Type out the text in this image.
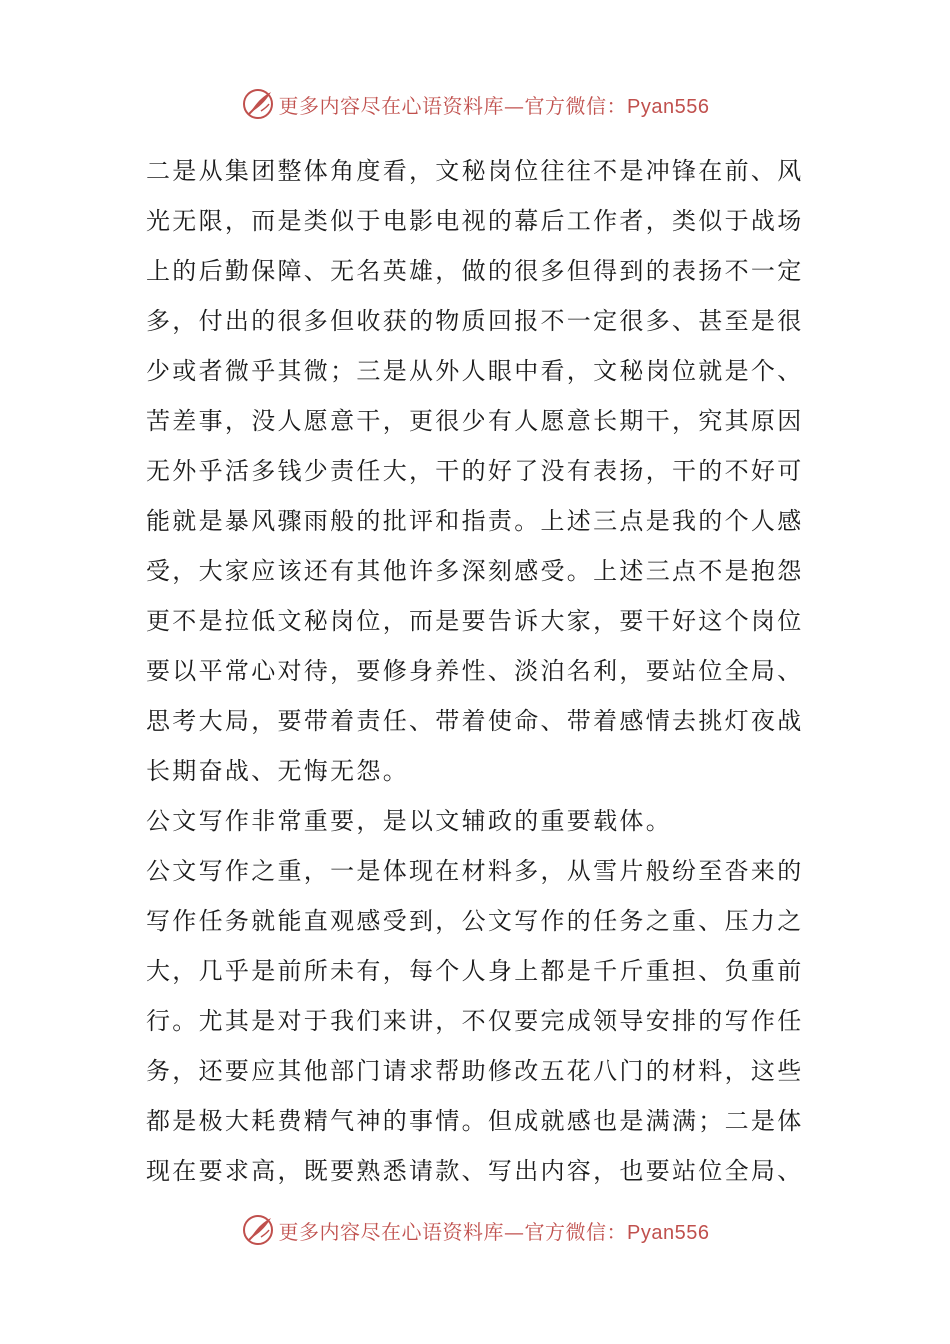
更多内容尽在心语资料库—官方微信：Pyan556
二是从集团整体角度看，文秘岗位往往不是冲锋在前、风
光无限，而是类似于电影电视的幕后工作者，类似于战场
上的后勤保障、无名英雄，做的很多但得到的表扬不一定
多，付出的很多但收获的物质回报不一定很多、甚至是很
少或者微乎其微；三是从外人眼中看，文秘岗位就是个、
苦差事，没人愿意干，更很少有人愿意长期干，究其原因
无外乎活多钱少责任大，干的好了没有表扬，干的不好可
能就是暴风骤雨般的批评和指责。上述三点是我的个人感
受，大家应该还有其他许多深刻感受。上述三点不是抱怨
更不是拉低文秘岗位，而是要告诉大家，要干好这个岗位
要以平常心对待，要修身养性、淡泊名利，要站位全局、
思考大局，要带着责任、带着使命、带着感情去挑灯夜战
长期奋战、无悔无怨。
公文写作非常重要，是以文辅政的重要载体。
公文写作之重，一是体现在材料多，从雪片般纷至沓来的
写作任务就能直观感受到，公文写作的任务之重、压力之
大，几乎是前所未有，每个人身上都是千斤重担、负重前
行。尤其是对于我们来讲，不仅要完成领导安排的写作任
务，还要应其他部门请求帮助修改五花八门的材料，这些
都是极大耗费精气神的事情。但成就感也是满满；二是体
现在要求高，既要熟悉请款、写出内容，也要站位全局、
更多内容尽在心语资料库—官方微信：Pyan556
